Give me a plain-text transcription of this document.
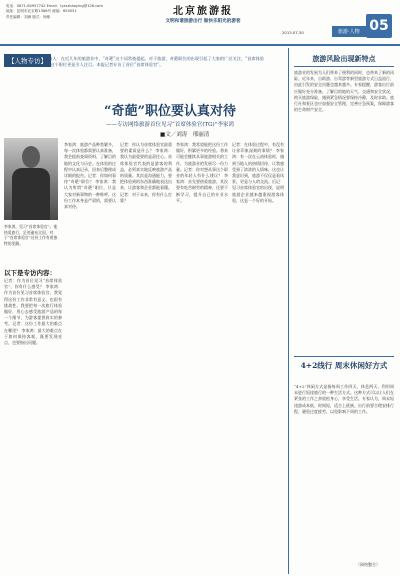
电话：0871-64957742 Email：lyzxzhaoying@126.com
地址：昆明市北京路1368号 邮编：650051
责任编辑：刘满 版式：杨敏	北京旅游报
文明和谐旅游出行 做快乐阳光的游客
2013.07.30	旅游·人物 05
【人物专访】
主持人：在近几年的旅游业中，“奇葩”这个词常被提起。对于旅游、奇葩职位的出现引起了大家的广泛关注，“首席体验官”这个职位更是引人注目。本报记者专访了首位“首席体验官”。
“奇葩”职位要认真对待
——专访网络旅游首位见习“首席体验官(TG)”李家鸿
■文／刘涛　邢丽清
李家鸿，见习“首席体验官”。他热爱旅行，足迹遍布全国，对于“首席体验官”这份工作有着独特的见解。
以下是专访内容：
记者：作为首位见习“首席体验官”，你有什么感受？ 李家鸿：作为首位见习首席体验官，我觉得这份工作非常有意义，也很有挑战性。我要把每一次旅行体验做好，用心去感受旅游产品的每一个细节，为游客提供真实的参考。记者：这份工作最大的难点在哪里？ 李家鸿：最大的难点在于如何保持客观，既要发现亮点，也要指出问题。
李家鸿：旅游产品种类繁多，每一次体验都需要认真准备，我会提前查阅资料，了解目的地的文化与历史。在体验的过程中认真记录，回来后整理成详细的报告。记者：你如何看待“奇葩”职位？ 李家鸿：我认为所谓“奇葩”职位，只是大家对新事物的一种称呼，这份工作本身是严肃的，需要认真对待。
记者：你认为首席体验官最重要的素质是什么？ 李家鸿：我认为最重要的是责任心。首席体验官代表的是游客的利益，必须真实地反映旅游产品的质量。其次是沟通能力，要把体验到的东西准确地表达出来，让游客和企业都能看懂。记者：对于未来，你有什么打算？
李家鸿：我希望能把这份工作做好，积累更多的经验。将来可能会继续从事旅游相关的工作，为旅游业的发展尽一份力量。记者：你对想从事这个职业的年轻人有什么建议？ 李家鸿：首先要热爱旅游，其次要有吃苦耐劳的精神，还要不断学习，提升自己的专业水平。
记者：在体验过程中，有没有让你印象深刻的事情？ 李家鸿：有一次在云南体验时，遇到当地人的热情招待，让我感受到了浓浓的人情味。这也让我意识到，旅游不仅仅是看风景，更是与人的交流。后记：见习首席体验官的出现，说明旅游企业越来越重视游客体验，这是一个好的开始。
旅游风险出现新特点
旅游业的发展为人们带来了便利的同时，也带来了新的风险。近年来，自助游、自驾游等新型旅游方式日益流行，由此引发的安全问题也越来越多。专家提醒，游客出行前应做好充分准备，了解目的地的天气、交通和安全状况，购买旅游保险，遇到紧急情况要保持冷静，及时求助。旅行社和景区也应加强安全管理，完善应急预案，保障游客的生命财产安全。
4+2线行 周末休闲好方式
“4+2”休闲方式是指每周工作四天，休息两天，利用周末进行短途旅行的一种生活方式。这种方式可以让人们在紧张的工作之余放松身心，享受生活。专家认为，周末短途游成本低、时间短，适合上班族。出行前要合理安排行程，避免过度疲劳，以免影响下周的工作。
（网络整合）
